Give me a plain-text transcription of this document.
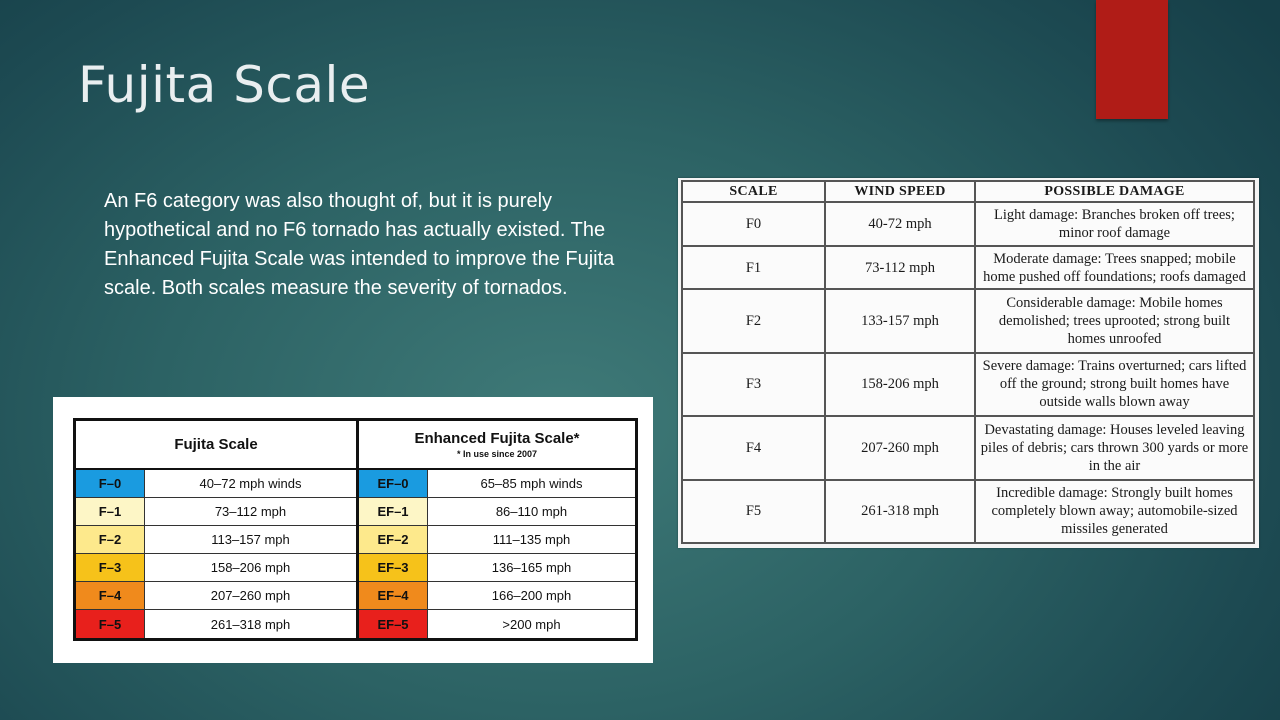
Fujita Scale

An F6 category was also thought of, but it is purely hypothetical and no F6 tornado has actually existed. The Enhanced Fujita Scale was intended to improve the Fujita scale. Both scales measure the severity of tornados.

Fujita Scale
F–0	40–72 mph winds
F–1	73–112 mph
F–2	113–157 mph
F–3	158–206 mph
F–4	207–260 mph
F–5	261–318 mph
Enhanced Fujita Scale*
* In use since 2007
EF–0	65–85 mph winds
EF–1	86–110 mph
EF–2	111–135 mph
EF–3	136–165 mph
EF–4	166–200 mph
EF–5	>200 mph
SCALE	WIND SPEED	POSSIBLE DAMAGE
F0	40-72 mph	Light damage: Branches broken off trees; minor roof damage
F1	73-112 mph	Moderate damage: Trees snapped; mobile home pushed off foundations; roofs damaged
F2	133-157 mph	Considerable damage: Mobile homes demolished; trees uprooted; strong built homes unroofed
F3	158-206 mph	Severe damage: Trains overturned; cars lifted off the ground; strong built homes have outside walls blown away
F4	207-260 mph	Devastating damage: Houses leveled leaving piles of debris; cars thrown 300 yards or more in the air
F5	261-318 mph	Incredible damage: Strongly built homes completely blown away; automobile-sized missiles generated
